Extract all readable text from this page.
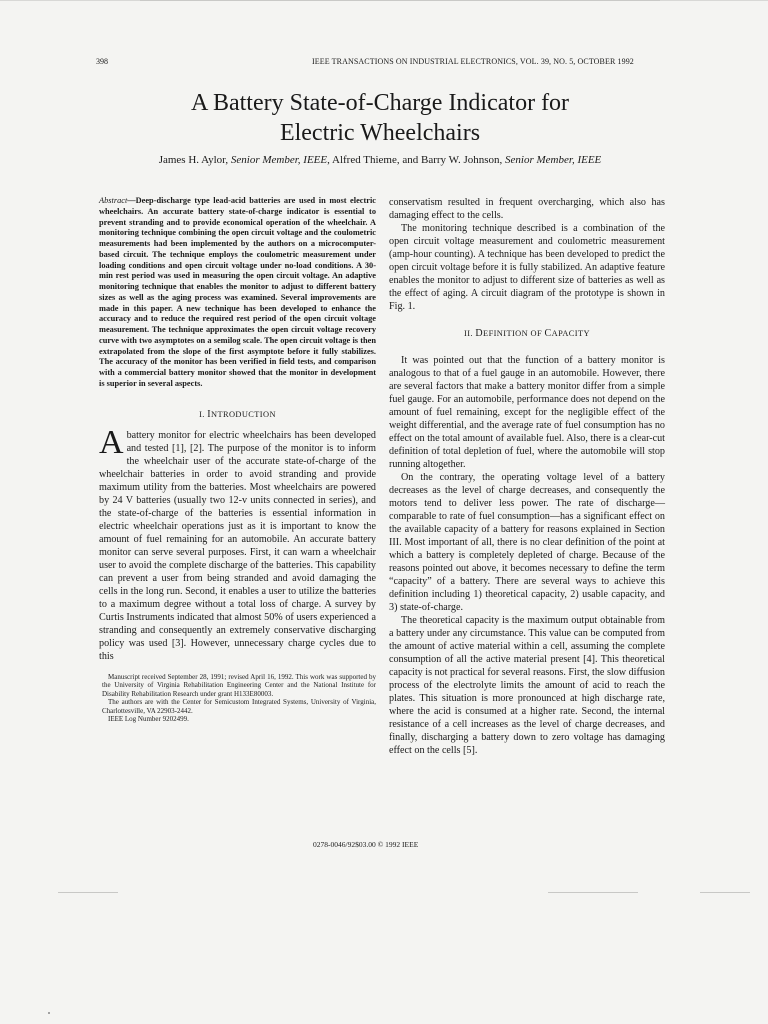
398	IEEE TRANSACTIONS ON INDUSTRIAL ELECTRONICS, VOL. 39, NO. 5, OCTOBER 1992
A Battery State-of-Charge Indicator for
Electric Wheelchairs
James H. Aylor, Senior Member, IEEE, Alfred Thieme, and Barry W. Johnson, Senior Member, IEEE

Abstract—Deep-discharge type lead-acid batteries are used in most electric wheelchairs. An accurate battery state-of-charge indicator is essential to prevent stranding and to provide economical operation of the wheelchair. A monitoring technique combining the open circuit voltage and the coulometric measurements had been implemented by the authors on a microcomputer-based circuit. The technique employs the coulometric measurement under loading conditions and open circuit voltage under no-load conditions. A 30-min rest period was used in measuring the open circuit voltage. An adaptive monitoring technique that enables the monitor to adjust to different battery sizes as well as the aging process was examined. Several improvements are made in this paper. A new technique has been developed to enhance the accuracy and to reduce the required rest period of the open circuit voltage measurement. The technique approximates the open circuit voltage recovery curve with two asymptotes on a semilog scale. The open circuit voltage is then extrapolated from the slope of the first asymptote before it fully stabilizes. The accuracy of the monitor has been verified in field tests, and comparison with a commercial battery monitor showed that the monitor in development is superior in several aspects.

I. INTRODUCTION
Abattery monitor for electric wheelchairs has been developed and tested [1], [2]. The purpose of the monitor is to inform the wheelchair user of the accurate state-of-charge of the wheelchair batteries in order to avoid stranding and provide maximum utility from the batteries. Most wheelchairs are powered by 24 V batteries (usually two 12-v units connected in series), and the state-of-charge of the batteries is essential information in electric wheelchair operations just as it is important to know the amount of fuel remaining for an automobile. An accurate battery monitor can serve several purposes. First, it can warn a wheelchair user to avoid the complete discharge of the batteries. This capability can prevent a user from being stranded and avoid damaging the cells in the long run. Second, it enables a user to utilize the batteries to a maximum degree without a total loss of charge. A survey by Curtis Instruments indicated that almost 50% of users experienced a stranding and consequently an extremely conservative discharging policy was used [3]. However, unnecessary charge cycles due to this
Manuscript received September 28, 1991; revised April 16, 1992. This work was supported by the University of Virginia Rehabilitation Engineering Center and the National Institute for Disability Rehabilitation Research under grant H133E80003.
The authors are with the Center for Semicustom Integrated Systems, University of Virginia, Charlottesville, VA 22903-2442.
IEEE Log Number 9202499.

conservatism resulted in frequent overcharging, which also has damaging effect to the cells.

The monitoring technique described is a combination of the open circuit voltage measurement and coulometric measurement (amp-hour counting). A technique has been developed to predict the open circuit voltage before it is fully stabilized. An adaptive feature enables the monitor to adjust to different size of batteries as well as the effect of aging. A circuit diagram of the prototype is shown in Fig. 1.

II. DEFINITION OF CAPACITY

It was pointed out that the function of a battery monitor is analogous to that of a fuel gauge in an automobile. However, there are several factors that make a battery monitor differ from a simple fuel gauge. For an automobile, performance does not depend on the amount of fuel remaining, except for the negligible effect of the weight differential, and the average rate of fuel consumption has no effect on the total amount of available fuel. Also, there is a clear-cut definition of total depletion of fuel, where the automobile will stop running altogether.

On the contrary, the operating voltage level of a battery decreases as the level of charge decreases, and consequently the motors tend to deliver less power. The rate of discharge—comparable to rate of fuel consumption—has a significant effect on the available capacity of a battery for reasons explained in Section III. Most important of all, there is no clear definition of the point at which a battery is completely depleted of charge. Because of the reasons pointed out above, it becomes necessary to define the term “capacity” of a battery. There are several ways to achieve this definition including 1) theoretical capacity, 2) usable capacity, and 3) state-of-charge.

The theoretical capacity is the maximum output obtainable from a battery under any circumstance. This value can be computed from the amount of active material within a cell, assuming the complete consumption of all the active material present [4]. This theoretical capacity is not practical for several reasons. First, the slow diffusion process of the electrolyte limits the amount of acid to reach the plates. This situation is more pronounced at high discharge rate, where the acid is consumed at a higher rate. Second, the internal resistance of a cell increases as the level of charge decreases, and finally, discharging a battery down to zero voltage has damaging effect on the cells [5].

0278-0046/92$03.00 © 1992 IEEE
